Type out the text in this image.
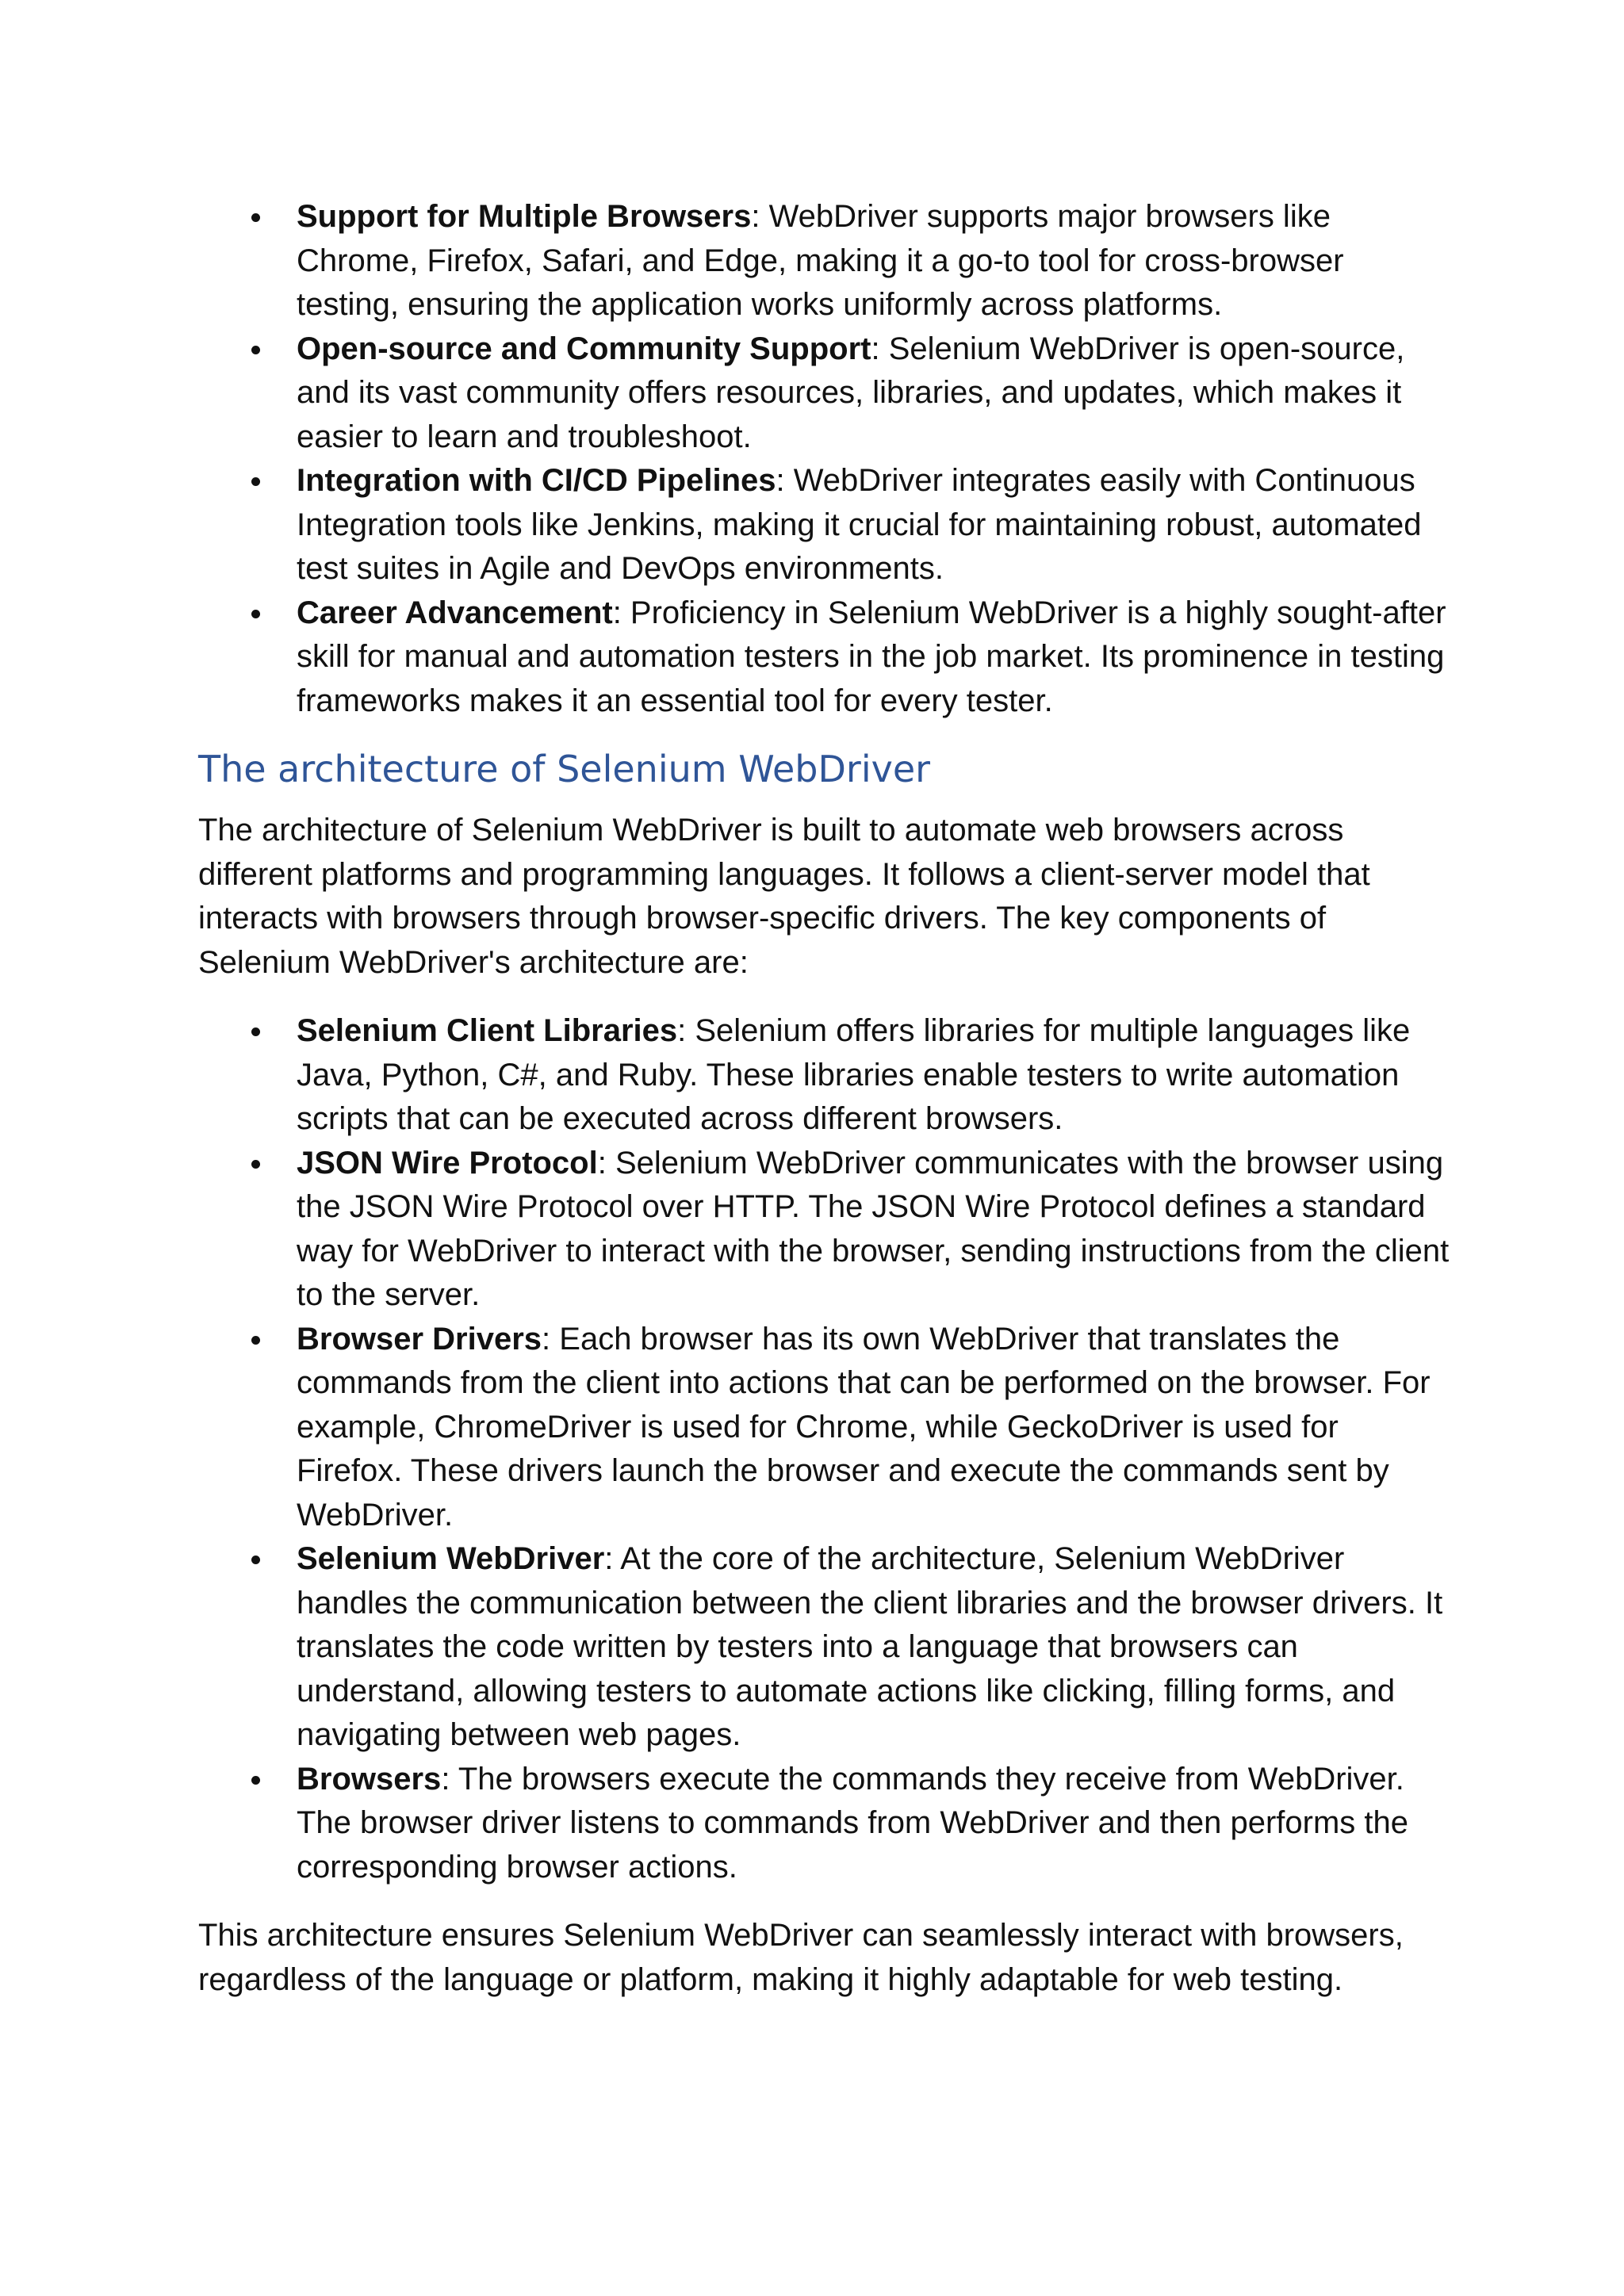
Support for Multiple Browsers: WebDriver supports major browsers like Chrome, Firefox, Safari, and Edge, making it a go-to tool for cross-browser testing, ensuring the application works uniformly across platforms.
Open-source and Community Support: Selenium WebDriver is open-source, and its vast community offers resources, libraries, and updates, which makes it easier to learn and troubleshoot.
Integration with CI/CD Pipelines: WebDriver integrates easily with Continuous Integration tools like Jenkins, making it crucial for maintaining robust, automated test suites in Agile and DevOps environments.
Career Advancement: Proficiency in Selenium WebDriver is a highly sought-after skill for manual and automation testers in the job market. Its prominence in testing frameworks makes it an essential tool for every tester.
The architecture of Selenium WebDriver

The architecture of Selenium WebDriver is built to automate web browsers across different platforms and programming languages. It follows a client-server model that interacts with browsers through browser-specific drivers. The key components of Selenium WebDriver's architecture are:

Selenium Client Libraries: Selenium offers libraries for multiple languages like Java, Python, C#, and Ruby. These libraries enable testers to write automation scripts that can be executed across different browsers.
JSON Wire Protocol: Selenium WebDriver communicates with the browser using the JSON Wire Protocol over HTTP. The JSON Wire Protocol defines a standard way for WebDriver to interact with the browser, sending instructions from the client to the server.
Browser Drivers: Each browser has its own WebDriver that translates the commands from the client into actions that can be performed on the browser. For example, ChromeDriver is used for Chrome, while GeckoDriver is used for Firefox. These drivers launch the browser and execute the commands sent by WebDriver.
Selenium WebDriver: At the core of the architecture, Selenium WebDriver handles the communication between the client libraries and the browser drivers. It translates the code written by testers into a language that browsers can understand, allowing testers to automate actions like clicking, filling forms, and navigating between web pages.
Browsers: The browsers execute the commands they receive from WebDriver. The browser driver listens to commands from WebDriver and then performs the corresponding browser actions.

This architecture ensures Selenium WebDriver can seamlessly interact with browsers, regardless of the language or platform, making it highly adaptable for web testing.
